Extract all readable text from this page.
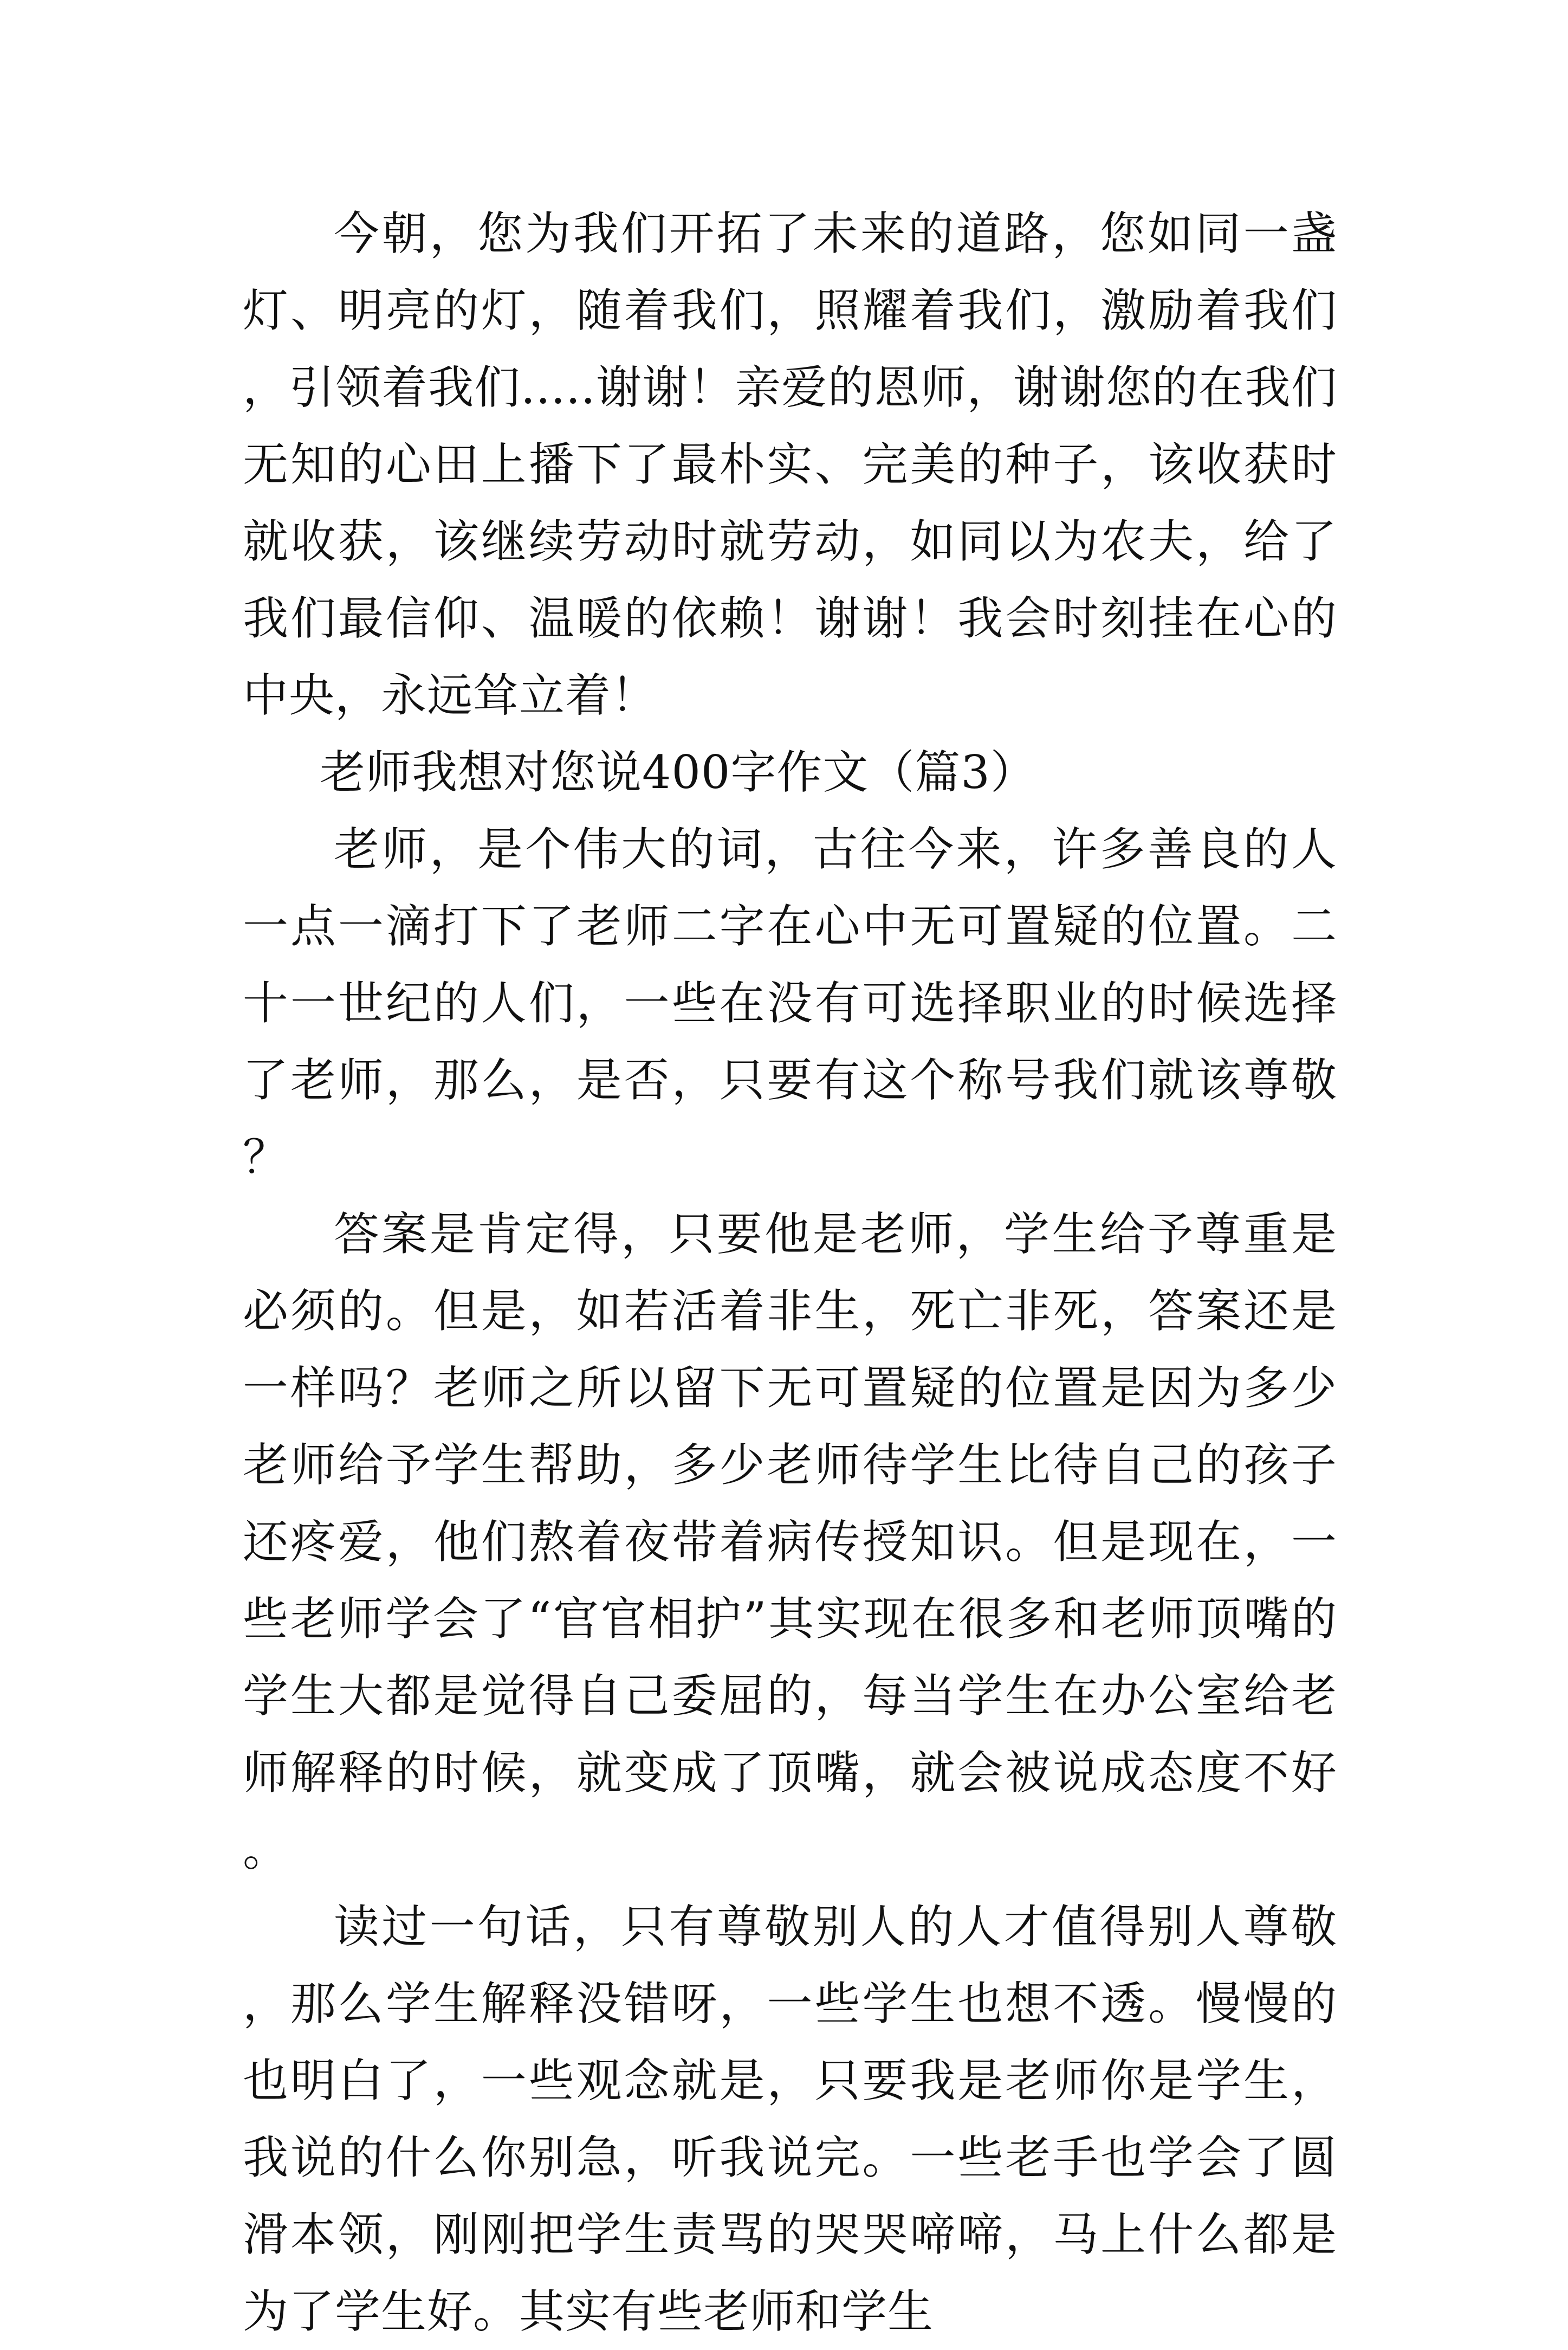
今朝，您为我们开拓了未来的道路，您如同一盏灯、明亮的灯，随着我们，照耀着我们，激励着我们，引领着我们.....谢谢！亲爱的恩师，谢谢您的在我们无知的心田上播下了最朴实、完美的种子，该收获时就收获，该继续劳动时就劳动，如同以为农夫，给了我们最信仰、温暖的依赖！谢谢！我会时刻挂在心的中央，永远耸立着！

老师我想对您说400字作文（篇3）

老师，是个伟大的词，古往今来，许多善良的人一点一滴打下了老师二字在心中无可置疑的位置。二十一世纪的人们，一些在没有可选择职业的时候选择了老师，那么，是否，只要有这个称号我们就该尊敬？

答案是肯定得，只要他是老师，学生给予尊重是必须的。但是，如若活着非生，死亡非死，答案还是一样吗？老师之所以留下无可置疑的位置是因为多少老师给予学生帮助，多少老师待学生比待自己的孩子还疼爱，他们熬着夜带着病传授知识。但是现在，一些老师学会了“官官相护”其实现在很多和老师顶嘴的学生大都是觉得自己委屈的，每当学生在办公室给老师解释的时候，就变成了顶嘴，就会被说成态度不好。

读过一句话，只有尊敬别人的人才值得别人尊敬，那么学生解释没错呀，一些学生也想不透。慢慢的也明白了，一些观念就是，只要我是老师你是学生，我说的什么你别急，听我说完。一些老手也学会了圆滑本领，刚刚把学生责骂的哭哭啼啼，马上什么都是为了学生好。其实有些老师和学生
